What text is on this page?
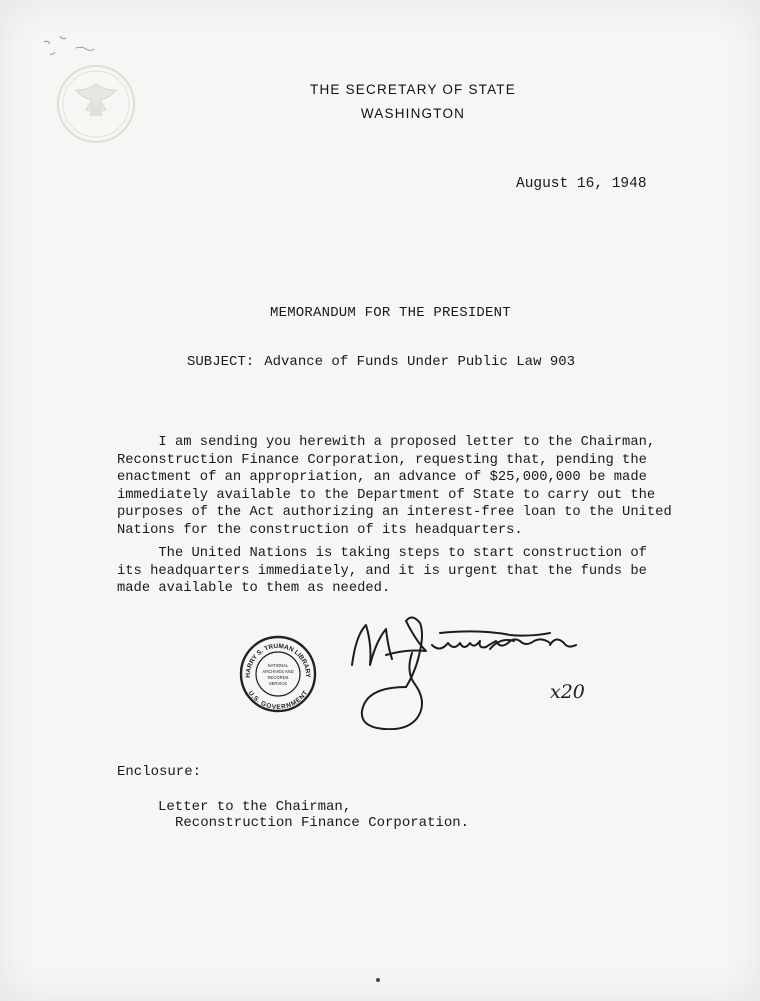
THE SECRETARY OF STATE
WASHINGTON
August 16, 1948
MEMORANDUM FOR THE PRESIDENT
SUBJECT: Advance of Funds Under Public Law 903
I am sending you herewith a proposed letter to the Chairman,
Reconstruction Finance Corporation, requesting that, pending the
enactment of an appropriation, an advance of $25,000,000 be made
immediately available to the Department of State to carry out the
purposes of the Act authorizing an interest-free loan to the United
Nations for the construction of its headquarters.
The United Nations is taking steps to start construction of
its headquarters immediately, and it is urgent that the funds be
made available to them as needed.
HARRY S. TRUMAN LIBRARY
U.S. GOVERNMENT
NATIONAL
ARCHIVES AND
RECORDS
SERVICE	x20
Enclosure:
Letter to the Chairman,
Reconstruction Finance Corporation.
